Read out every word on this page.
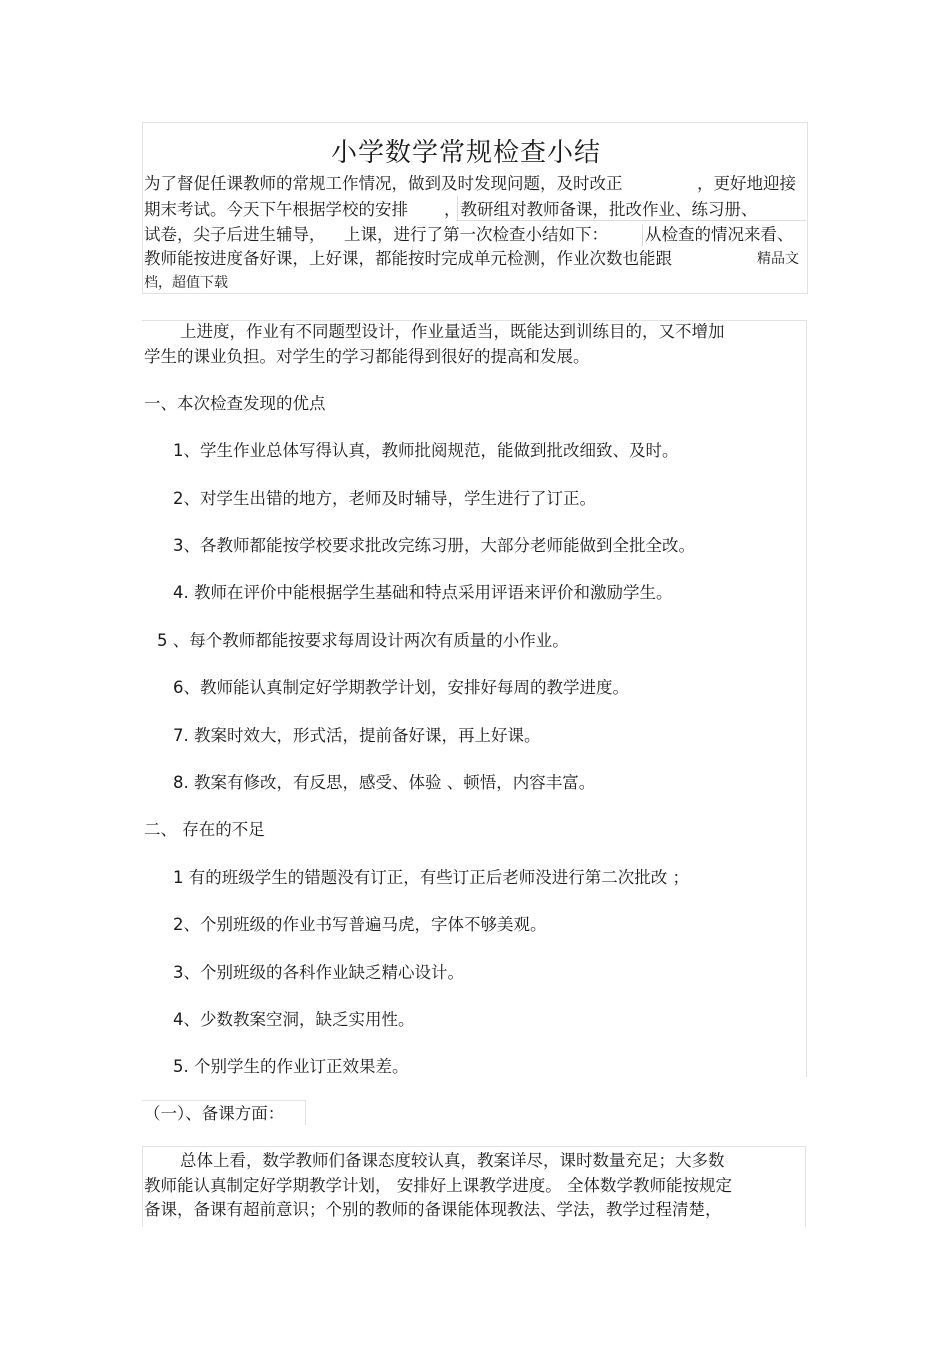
小学数学常规检查小结
为了督促任课教师的常规工作情况，做到及时发现问题，及时改正	，更好地迎接
期末考试。今天下午根据学校的安排 ，教研组对教师备课，批改作业、练习册、
试卷，尖子后进生辅导， 上课，进行了第一次检查小结如下： 从检查的情况来看、
教师能按进度备好课，上好课，都能按时完成单元检测，作业次数也能跟	精品文
档，超值下载
上进度，作业有不同题型设计，作业量适当，既能达到训练目的，又不增加
学生的课业负担。对学生的学习都能得到很好的提高和发展。
一、本次检查发现的优点
1、学生作业总体写得认真，教师批阅规范，能做到批改细致、及时。
2、对学生出错的地方，老师及时辅导，学生进行了订正。
3、各教师都能按学校要求批改完练习册，大部分老师能做到全批全改。
4. 教师在评价中能根据学生基础和特点采用评语来评价和激励学生。
5 、每个教师都能按要求每周设计两次有质量的小作业。
6、教师能认真制定好学期教学计划，安排好每周的教学进度。
7. 教案时效大，形式活，提前备好课，再上好课。
8. 教案有修改，有反思，感受、体验 、顿悟，内容丰富。
二、 存在的不足
1 有的班级学生的错题没有订正，有些订正后老师没进行第二次批改 ；
2、个别班级的作业书写普遍马虎，字体不够美观。
3、个别班级的各科作业缺乏精心设计。
4、少数教案空洞，缺乏实用性。
5. 个别学生的作业订正效果差。
（一）、备课方面：
总体上看，数学教师们备课态度较认真，教案详尽，课时数量充足；大多数
教师能认真制定好学期教学计划， 安排好上课教学进度。 全体数学教师能按规定
备课，备课有超前意识；个别的教师的备课能体现教法、学法，教学过程清楚，
